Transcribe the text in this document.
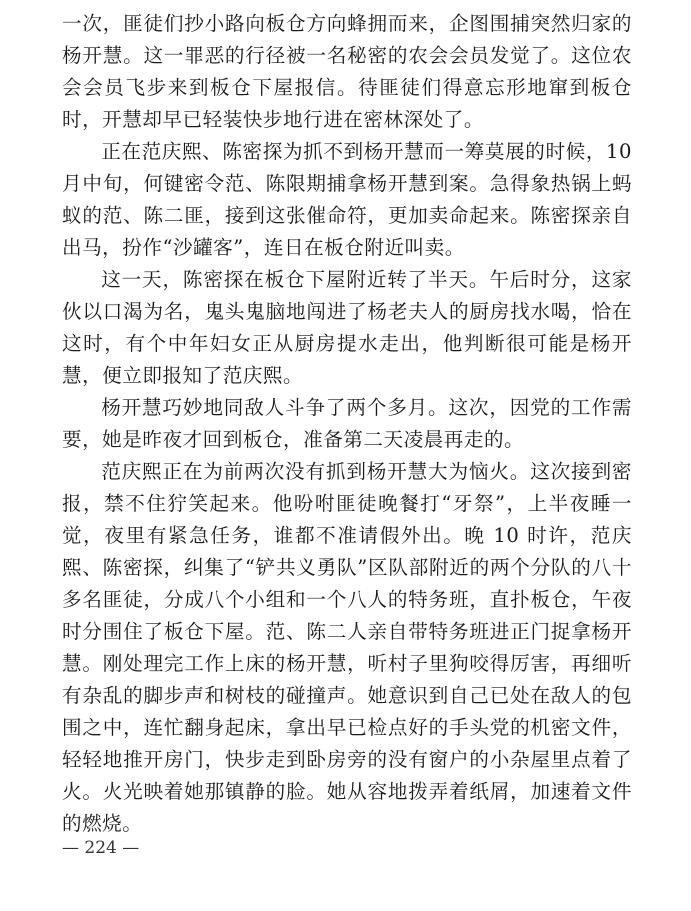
一次，匪徒们抄小路向板仓方向蜂拥而来，企图围捕突然归家的杨开慧。这一罪恶的行径被一名秘密的农会会员发觉了。这位农会会员飞步来到板仓下屋报信。待匪徒们得意忘形地窜到板仓时，开慧却早已轻装快步地行进在密林深处了。

正在范庆熙、陈密探为抓不到杨开慧而一筹莫展的时候，10 月中旬，何键密令范、陈限期捕拿杨开慧到案。急得象热锅上蚂蚁的范、陈二匪，接到这张催命符，更加卖命起来。陈密探亲自出马，扮作“沙罐客”，连日在板仓附近叫卖。

这一天，陈密探在板仓下屋附近转了半天。午后时分，这家伙以口渴为名，鬼头鬼脑地闯进了杨老夫人的厨房找水喝，恰在这时，有个中年妇女正从厨房提水走出，他判断很可能是杨开慧，便立即报知了范庆熙。

杨开慧巧妙地同敌人斗争了两个多月。这次，因党的工作需要，她是昨夜才回到板仓，准备第二天凌晨再走的。

范庆熙正在为前两次没有抓到杨开慧大为恼火。这次接到密报，禁不住狞笑起来。他吩咐匪徒晚餐打“牙祭”，上半夜睡一觉，夜里有紧急任务，谁都不准请假外出。晚 10 时许，范庆熙、陈密探，纠集了“铲共义勇队”区队部附近的两个分队的八十多名匪徒，分成八个小组和一个八人的特务班，直扑板仓，午夜时分围住了板仓下屋。范、陈二人亲自带特务班进正门捉拿杨开慧。刚处理完工作上床的杨开慧，听村子里狗咬得厉害，再细听有杂乱的脚步声和树枝的碰撞声。她意识到自己已处在敌人的包围之中，连忙翻身起床，拿出早已检点好的手头党的机密文件，轻轻地推开房门，快步走到卧房旁的没有窗户的小杂屋里点着了火。火光映着她那镇静的脸。她从容地拨弄着纸屑，加速着文件的燃烧。

— 224 —
